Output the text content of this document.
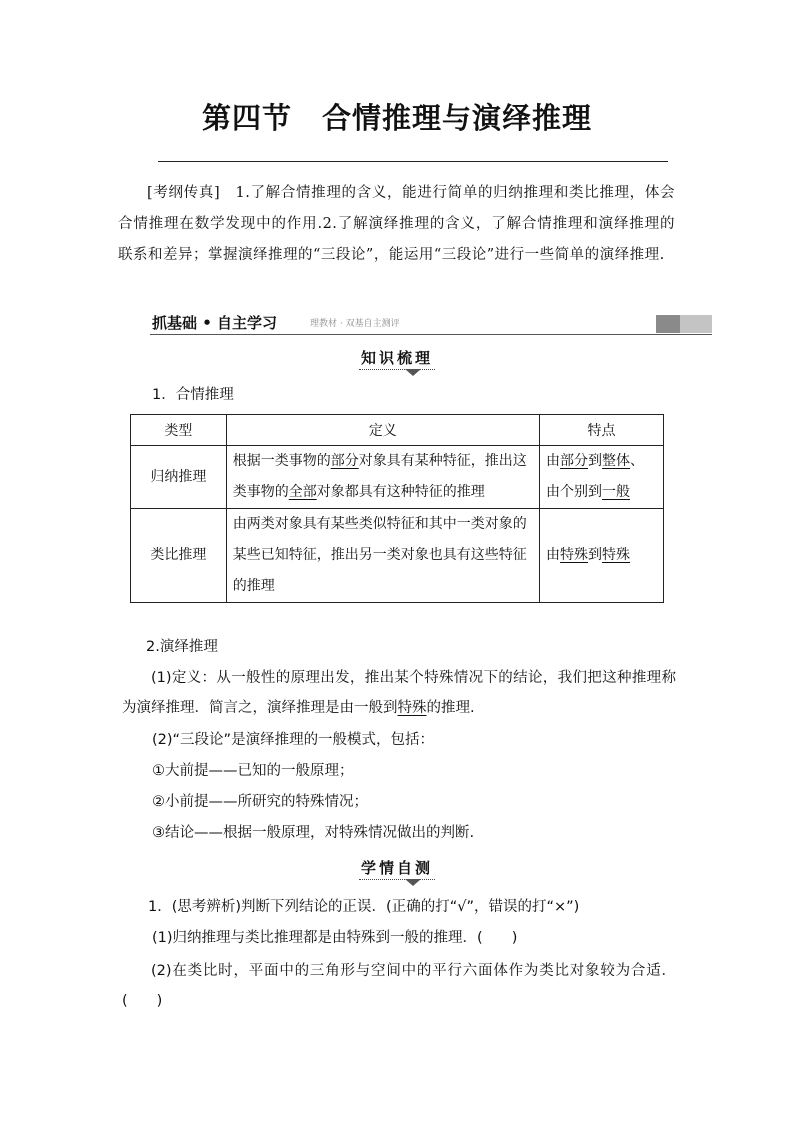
第四节 合情推理与演绎推理
[考纲传真]　 1.了解合情推理的含义，能进行简单的归纳推理和类比推理，体会合情推理在数学发现中的作用.2.了解演绎推理的含义，了解合情推理和演绎推理的联系和差异；掌握演绎推理的“三段论”，能运用“三段论”进行一些简单的演绎推理.
抓基础 • 自主学习	理教材 · 双基自主测评
知识梳理
1．合情推理
类型	定义	特点
归纳推理	根据一类事物的部分对象具有某种特征，推出这类事物的全部对象都具有这种特征的推理	由部分到整体、由个别到一般
类比推理	由两类对象具有某些类似特征和其中一类对象的某些已知特征，推出另一类对象也具有这些特征的推理	由特殊到特殊
2.演绎推理
(1)定义：从一般性的原理出发，推出某个特殊情况下的结论，我们把这种推理称为演绎推理．简言之，演绎推理是由一般到特殊的推理.
(2)“三段论”是演绎推理的一般模式，包括：
①大前提——已知的一般原理；
②小前提——所研究的特殊情况；
③结论——根据一般原理，对特殊情况做出的判断.
学情自测
1．(思考辨析)判断下列结论的正误．(正确的打“√”，错误的打“×”)
(1)归纳推理与类比推理都是由特殊到一般的推理．(　　)
(2)在类比时，平面中的三角形与空间中的平行六面体作为类比对象较为合适．(　　)
